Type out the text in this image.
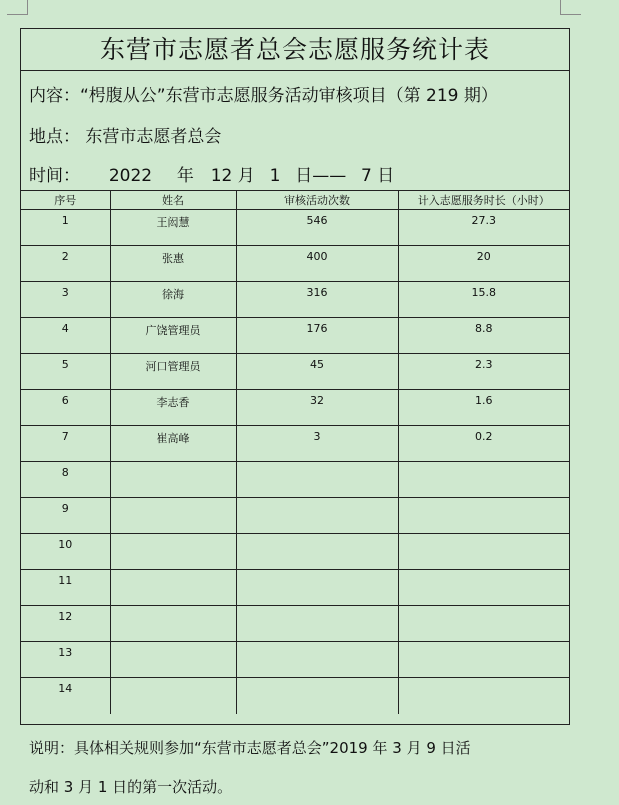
东营市志愿者总会志愿服务统计表
内容：“枵腹从公”东营市志愿服务活动审核项目（第 219 期）
地点： 东营市志愿者总会
时间： 2022 年 12 月 1 日—— 7 日
序号	姓名	审核活动次数	计入志愿服务时长（小时）
1	王闳慧	546	27.3
2	张惠	400	20
3	徐海	316	15.8
4	广饶管理员	176	8.8
5	河口管理员	45	2.3
6	李志香	32	1.6
7	崔高峰	3	0.2
8			
9			
10			
11			
12			
13			
14			
说明：具体相关规则参加“东营市志愿者总会”2019 年 3 月 9 日活
动和 3 月 1 日的第一次活动。
